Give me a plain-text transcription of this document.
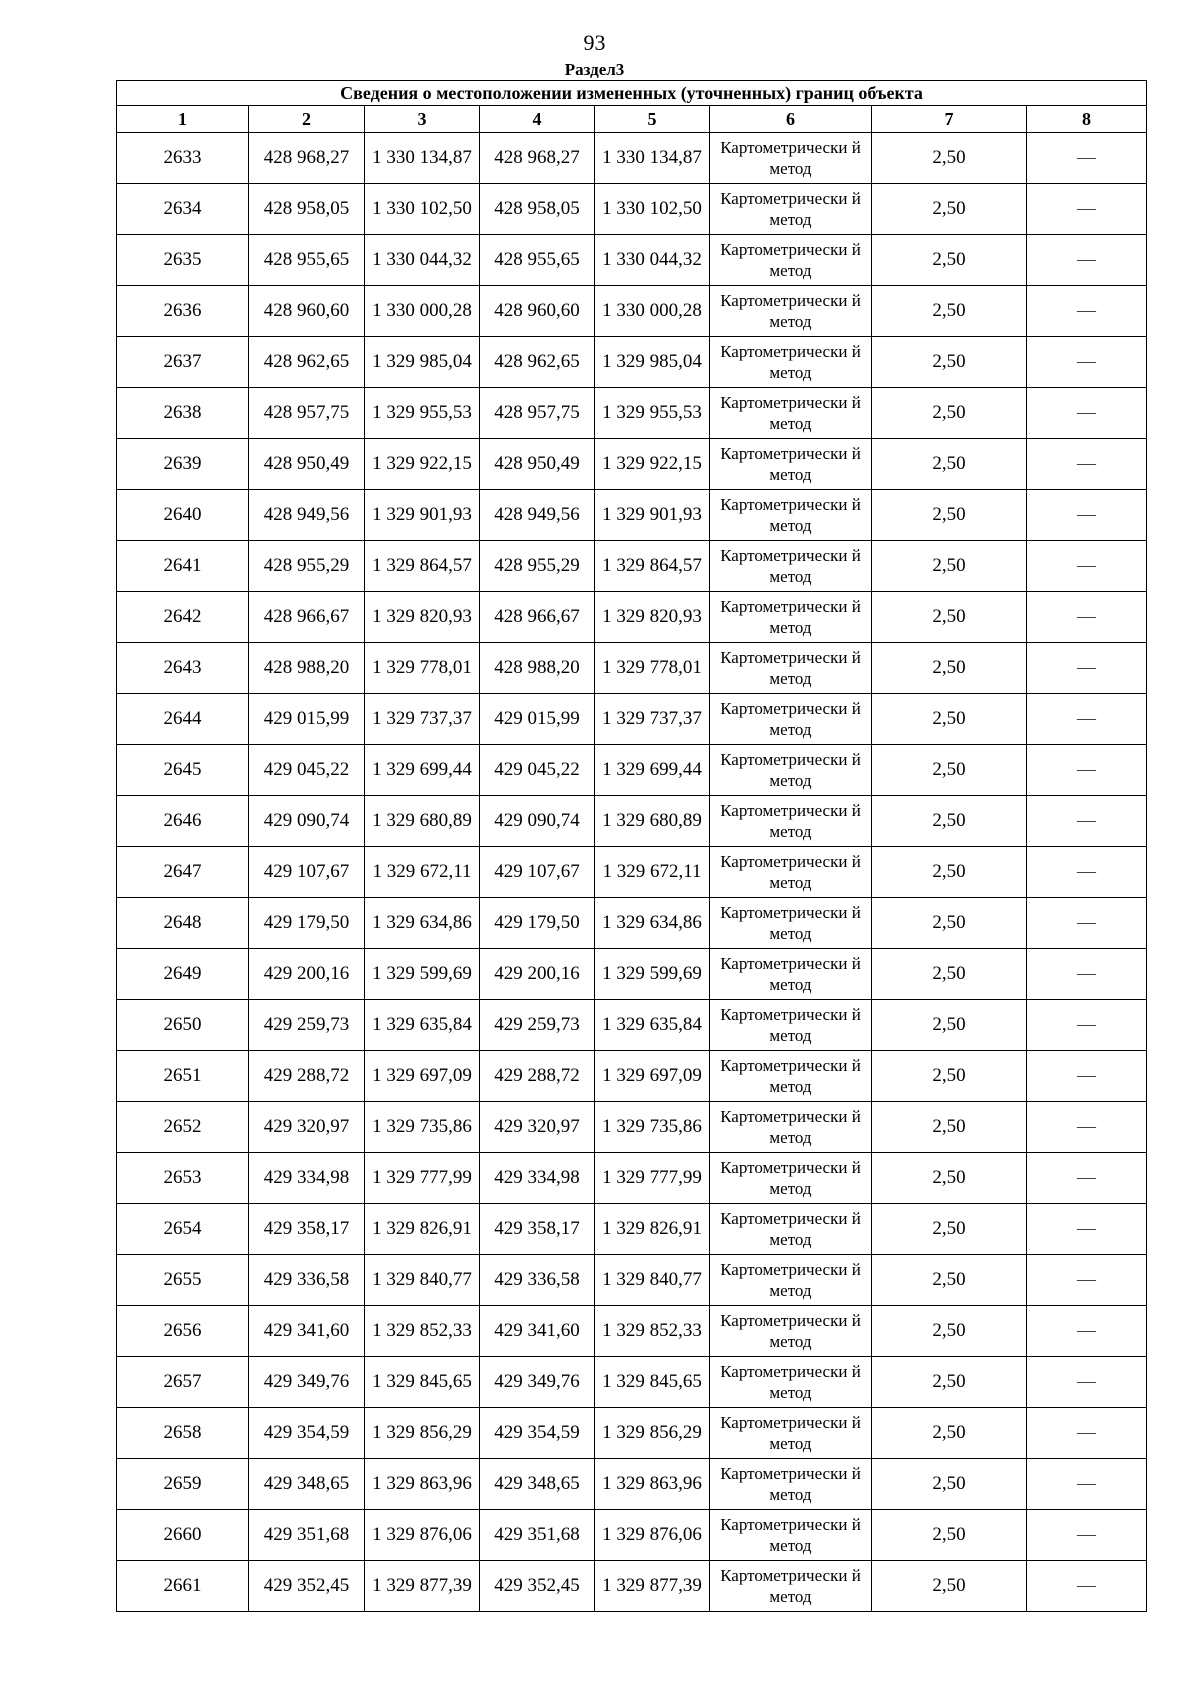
93
Раздел3
Сведения о местоположении измененных (уточненных) границ объекта							
1	2	3	4	5	6	7	8
2633	428 968,27	1 330 134,87	428 968,27	1 330 134,87	Картометрически й метод	2,50	—
2634	428 958,05	1 330 102,50	428 958,05	1 330 102,50	Картометрически й метод	2,50	—
2635	428 955,65	1 330 044,32	428 955,65	1 330 044,32	Картометрически й метод	2,50	—
2636	428 960,60	1 330 000,28	428 960,60	1 330 000,28	Картометрически й метод	2,50	—
2637	428 962,65	1 329 985,04	428 962,65	1 329 985,04	Картометрически й метод	2,50	—
2638	428 957,75	1 329 955,53	428 957,75	1 329 955,53	Картометрически й метод	2,50	—
2639	428 950,49	1 329 922,15	428 950,49	1 329 922,15	Картометрически й метод	2,50	—
2640	428 949,56	1 329 901,93	428 949,56	1 329 901,93	Картометрически й метод	2,50	—
2641	428 955,29	1 329 864,57	428 955,29	1 329 864,57	Картометрически й метод	2,50	—
2642	428 966,67	1 329 820,93	428 966,67	1 329 820,93	Картометрически й метод	2,50	—
2643	428 988,20	1 329 778,01	428 988,20	1 329 778,01	Картометрически й метод	2,50	—
2644	429 015,99	1 329 737,37	429 015,99	1 329 737,37	Картометрически й метод	2,50	—
2645	429 045,22	1 329 699,44	429 045,22	1 329 699,44	Картометрически й метод	2,50	—
2646	429 090,74	1 329 680,89	429 090,74	1 329 680,89	Картометрически й метод	2,50	—
2647	429 107,67	1 329 672,11	429 107,67	1 329 672,11	Картометрически й метод	2,50	—
2648	429 179,50	1 329 634,86	429 179,50	1 329 634,86	Картометрически й метод	2,50	—
2649	429 200,16	1 329 599,69	429 200,16	1 329 599,69	Картометрически й метод	2,50	—
2650	429 259,73	1 329 635,84	429 259,73	1 329 635,84	Картометрически й метод	2,50	—
2651	429 288,72	1 329 697,09	429 288,72	1 329 697,09	Картометрически й метод	2,50	—
2652	429 320,97	1 329 735,86	429 320,97	1 329 735,86	Картометрически й метод	2,50	—
2653	429 334,98	1 329 777,99	429 334,98	1 329 777,99	Картометрически й метод	2,50	—
2654	429 358,17	1 329 826,91	429 358,17	1 329 826,91	Картометрически й метод	2,50	—
2655	429 336,58	1 329 840,77	429 336,58	1 329 840,77	Картометрически й метод	2,50	—
2656	429 341,60	1 329 852,33	429 341,60	1 329 852,33	Картометрически й метод	2,50	—
2657	429 349,76	1 329 845,65	429 349,76	1 329 845,65	Картометрически й метод	2,50	—
2658	429 354,59	1 329 856,29	429 354,59	1 329 856,29	Картометрически й метод	2,50	—
2659	429 348,65	1 329 863,96	429 348,65	1 329 863,96	Картометрически й метод	2,50	—
2660	429 351,68	1 329 876,06	429 351,68	1 329 876,06	Картометрически й метод	2,50	—
2661	429 352,45	1 329 877,39	429 352,45	1 329 877,39	Картометрически й метод	2,50	—
